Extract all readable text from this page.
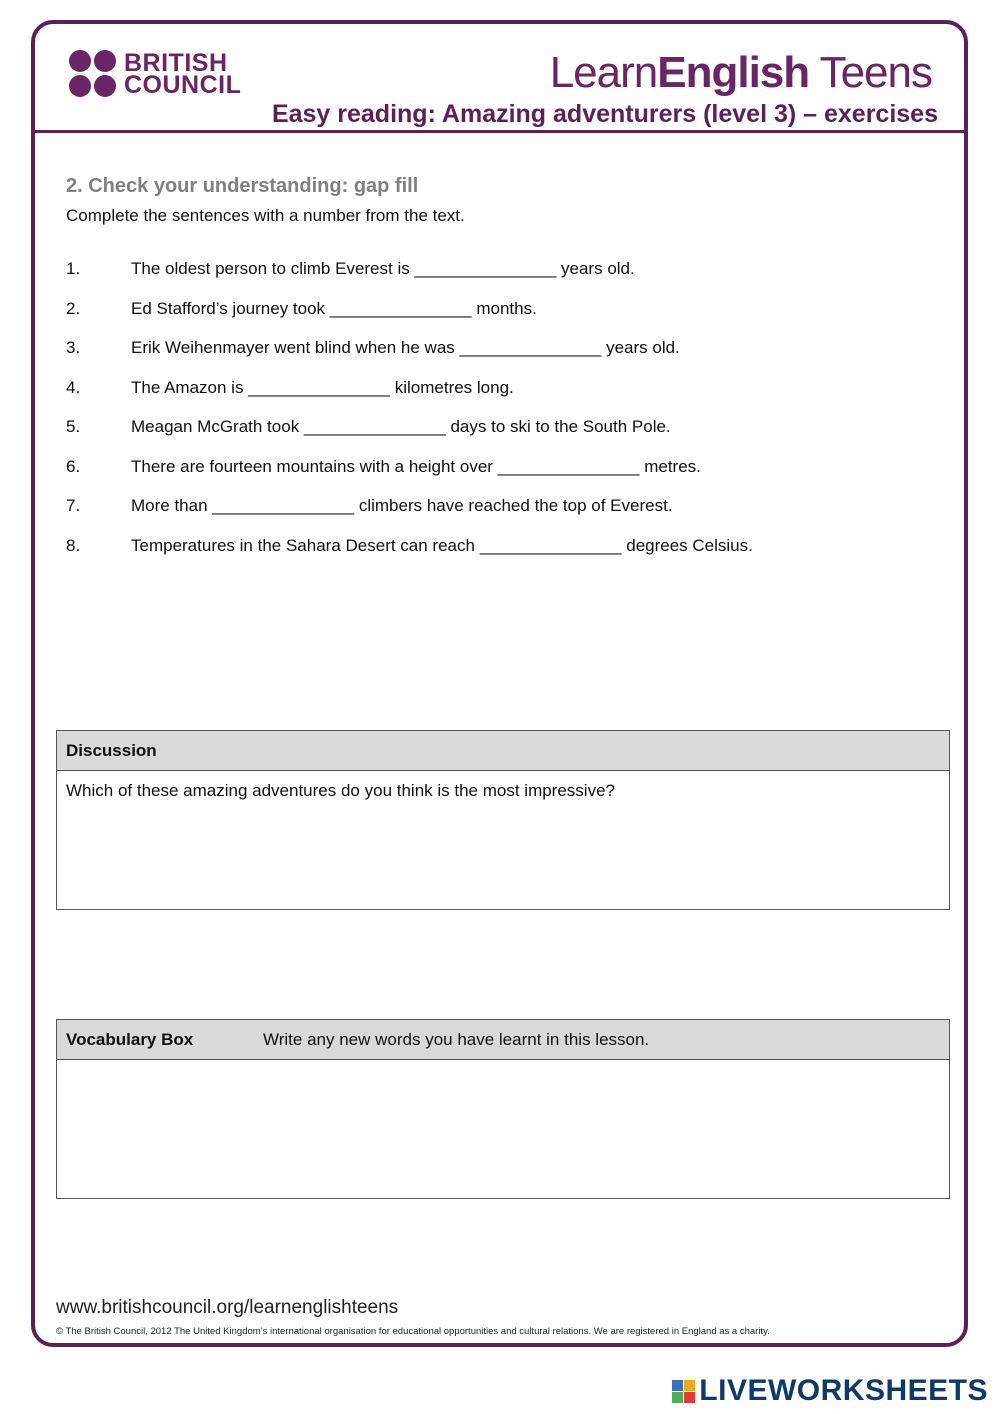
BRITISH
COUNCIL	LearnEnglish Teens
Easy reading: Amazing adventurers (level 3) – exercises
2. Check your understanding: gap fill
Complete the sentences with a number from the text.
1.	The oldest person to climb Everest is _______________ years old.
2.	Ed Stafford’s journey took _______________ months.
3.	Erik Weihenmayer went blind when he was _______________ years old.
4.	The Amazon is _______________ kilometres long.
5.	Meagan McGrath took _______________ days to ski to the South Pole.
6.	There are fourteen mountains with a height over _______________ metres.
7.	More than _______________ climbers have reached the top of Everest.
8.	Temperatures in the Sahara Desert can reach _______________ degrees Celsius.
Discussion
Which of these amazing adventures do you think is the most impressive?
Vocabulary Box	Write any new words you have learnt in this lesson.
www.britishcouncil.org/learnenglishteens
© The British Council, 2012 The United Kingdom’s international organisation for educational opportunities and cultural relations. We are registered in England as a charity.
LIVEWORKSHEETS
